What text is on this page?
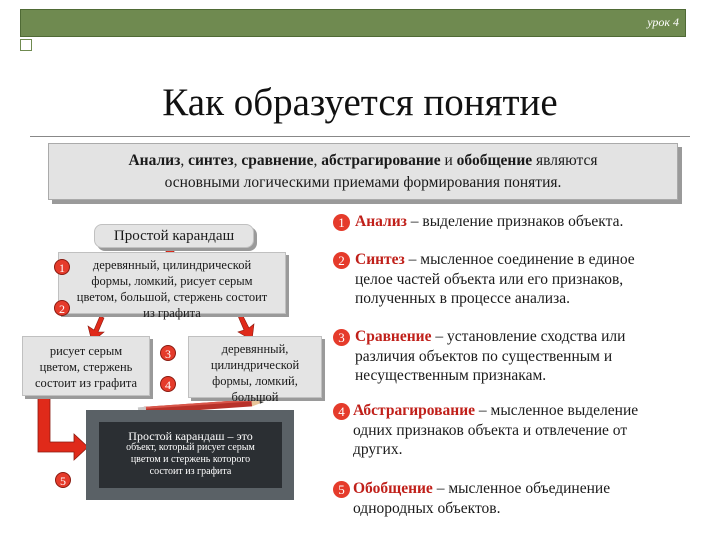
урок 4
Как образуется понятие
Анализ, синтез, сравнение, абстрагирование и обобщение являются
основными логическими приемами формирования понятия.
Простой карандаш
деревянный, цилиндрической
формы, ломкий, рисует серым
цветом, большой, стержень состоит
из графита
рисует серым
цветом, стержень
состоит из графита
деревянный,
цилиндрической
формы, ломкий,
большой
Простой карандаш – это
объект, который рисует серым
цветом и стержень которого
состоит из графита
1
2
3
4
5
1 Анализ – выделение признаков объекта.
2 Синтез – мысленное соединение в единое
целое частей объекта или его признаков,
полученных в процессе анализа.
3 Сравнение – установление сходства или
различия объектов по существенным и
несущественным признакам.
4 Абстрагирование – мысленное выделение
одних признаков объекта и отвлечение от
других.
5 Обобщение – мысленное объединение
однородных объектов.
